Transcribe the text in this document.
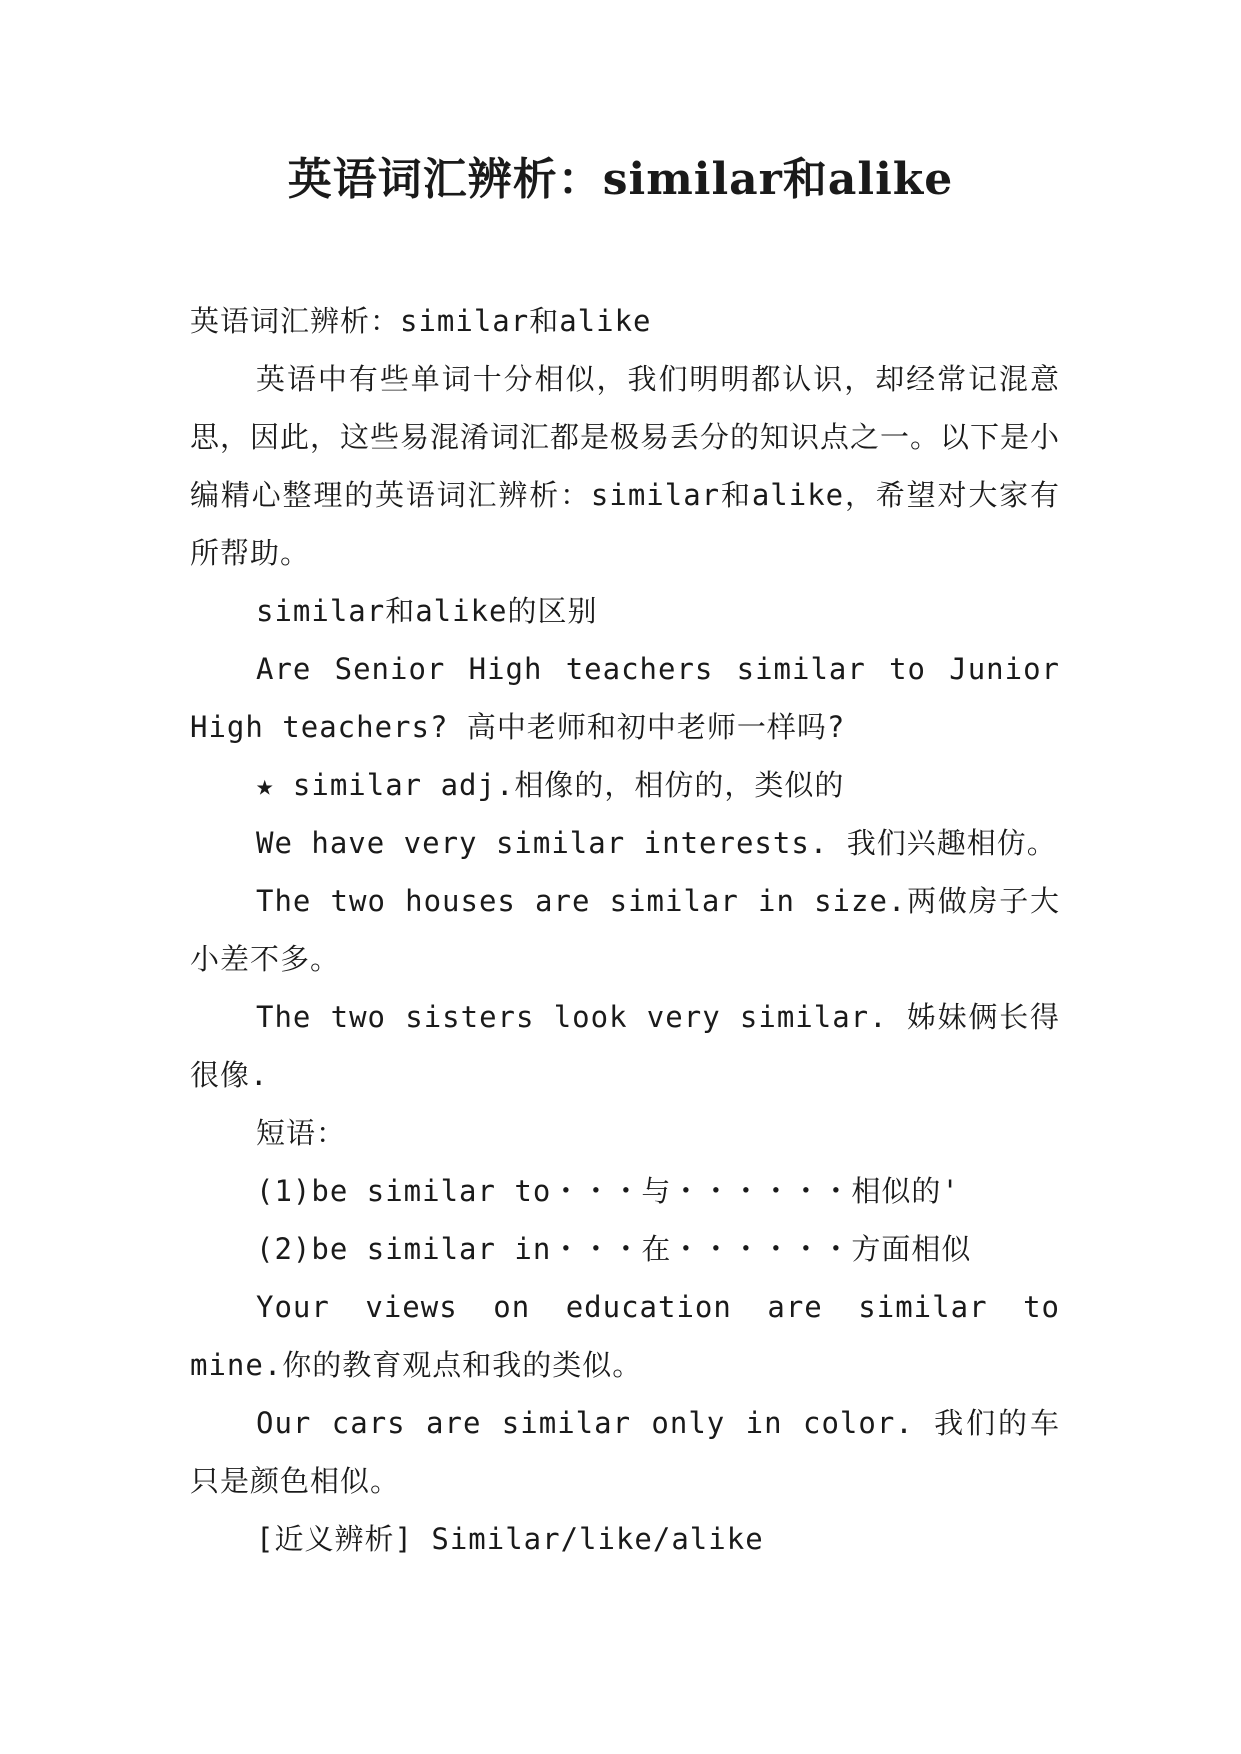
英语词汇辨析：similar和alike

英语词汇辨析：similar和alike

英语中有些单词十分相似，我们明明都认识，却经常记混意思，因此，这些易混淆词汇都是极易丢分的知识点之一。以下是小编精心整理的英语词汇辨析：similar和alike，希望对大家有所帮助。

similar和alike的区别

Are Senior High teachers similar to Junior High teachers? 高中老师和初中老师一样吗?

★ similar adj.相像的，相仿的，类似的

We have very similar interests. 我们兴趣相仿。

The two houses are similar in size.两做房子大小差不多。

The two sisters look very similar. 姊妹俩长得很像.

短语：

(1)be similar to・・・与・・・・・・相似的'

(2)be similar in・・・在・・・・・・方面相似

Your views on education are similar to mine.你的教育观点和我的类似。

Our cars are similar only in color. 我们的车只是颜色相似。

[近义辨析] Similar/like/alike
